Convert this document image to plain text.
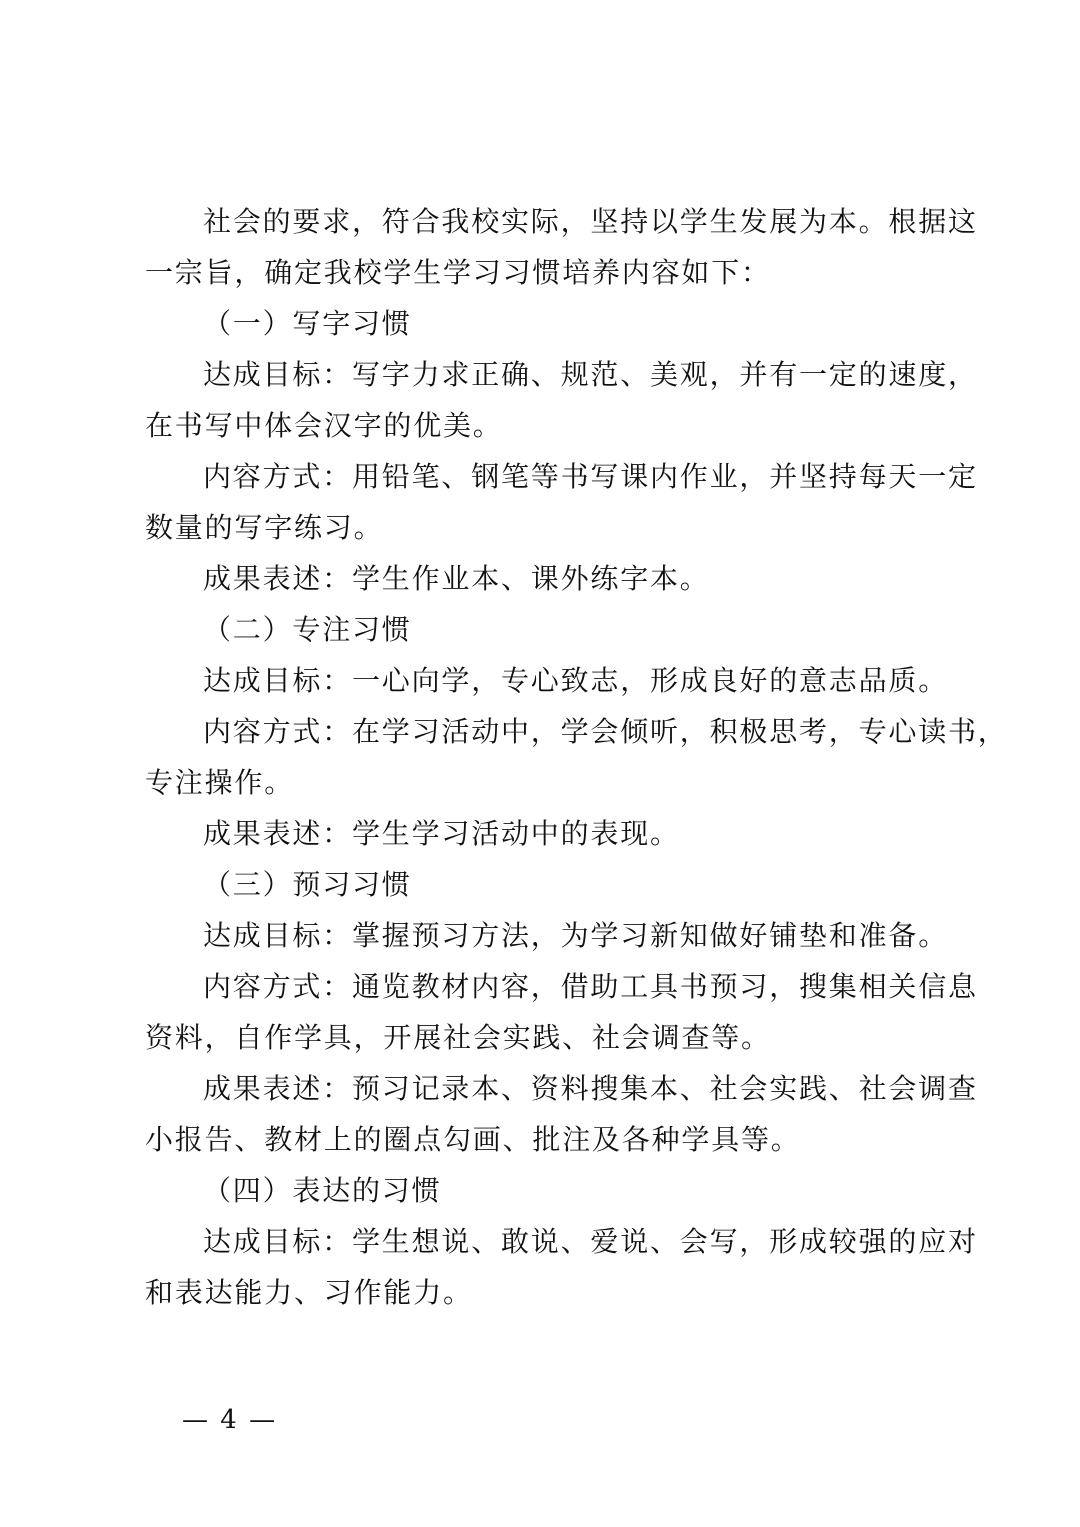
社会的要求，符合我校实际，坚持以学生发展为本。根据这
一宗旨，确定我校学生学习习惯培养内容如下：
（一）写字习惯
达成目标：写字力求正确、规范、美观，并有一定的速度，
在书写中体会汉字的优美。
内容方式：用铅笔、钢笔等书写课内作业，并坚持每天一定
数量的写字练习。
成果表述：学生作业本、课外练字本。
（二）专注习惯
达成目标：一心向学，专心致志，形成良好的意志品质。
内容方式：在学习活动中，学会倾听，积极思考，专心读书，
专注操作。
成果表述：学生学习活动中的表现。
（三）预习习惯
达成目标：掌握预习方法，为学习新知做好铺垫和准备。
内容方式：通览教材内容，借助工具书预习，搜集相关信息
资料，自作学具，开展社会实践、社会调查等。
成果表述：预习记录本、资料搜集本、社会实践、社会调查
小报告、教材上的圈点勾画、批注及各种学具等。
（四）表达的习惯
达成目标：学生想说、敢说、爱说、会写，形成较强的应对
和表达能力、习作能力。
— 4 —
